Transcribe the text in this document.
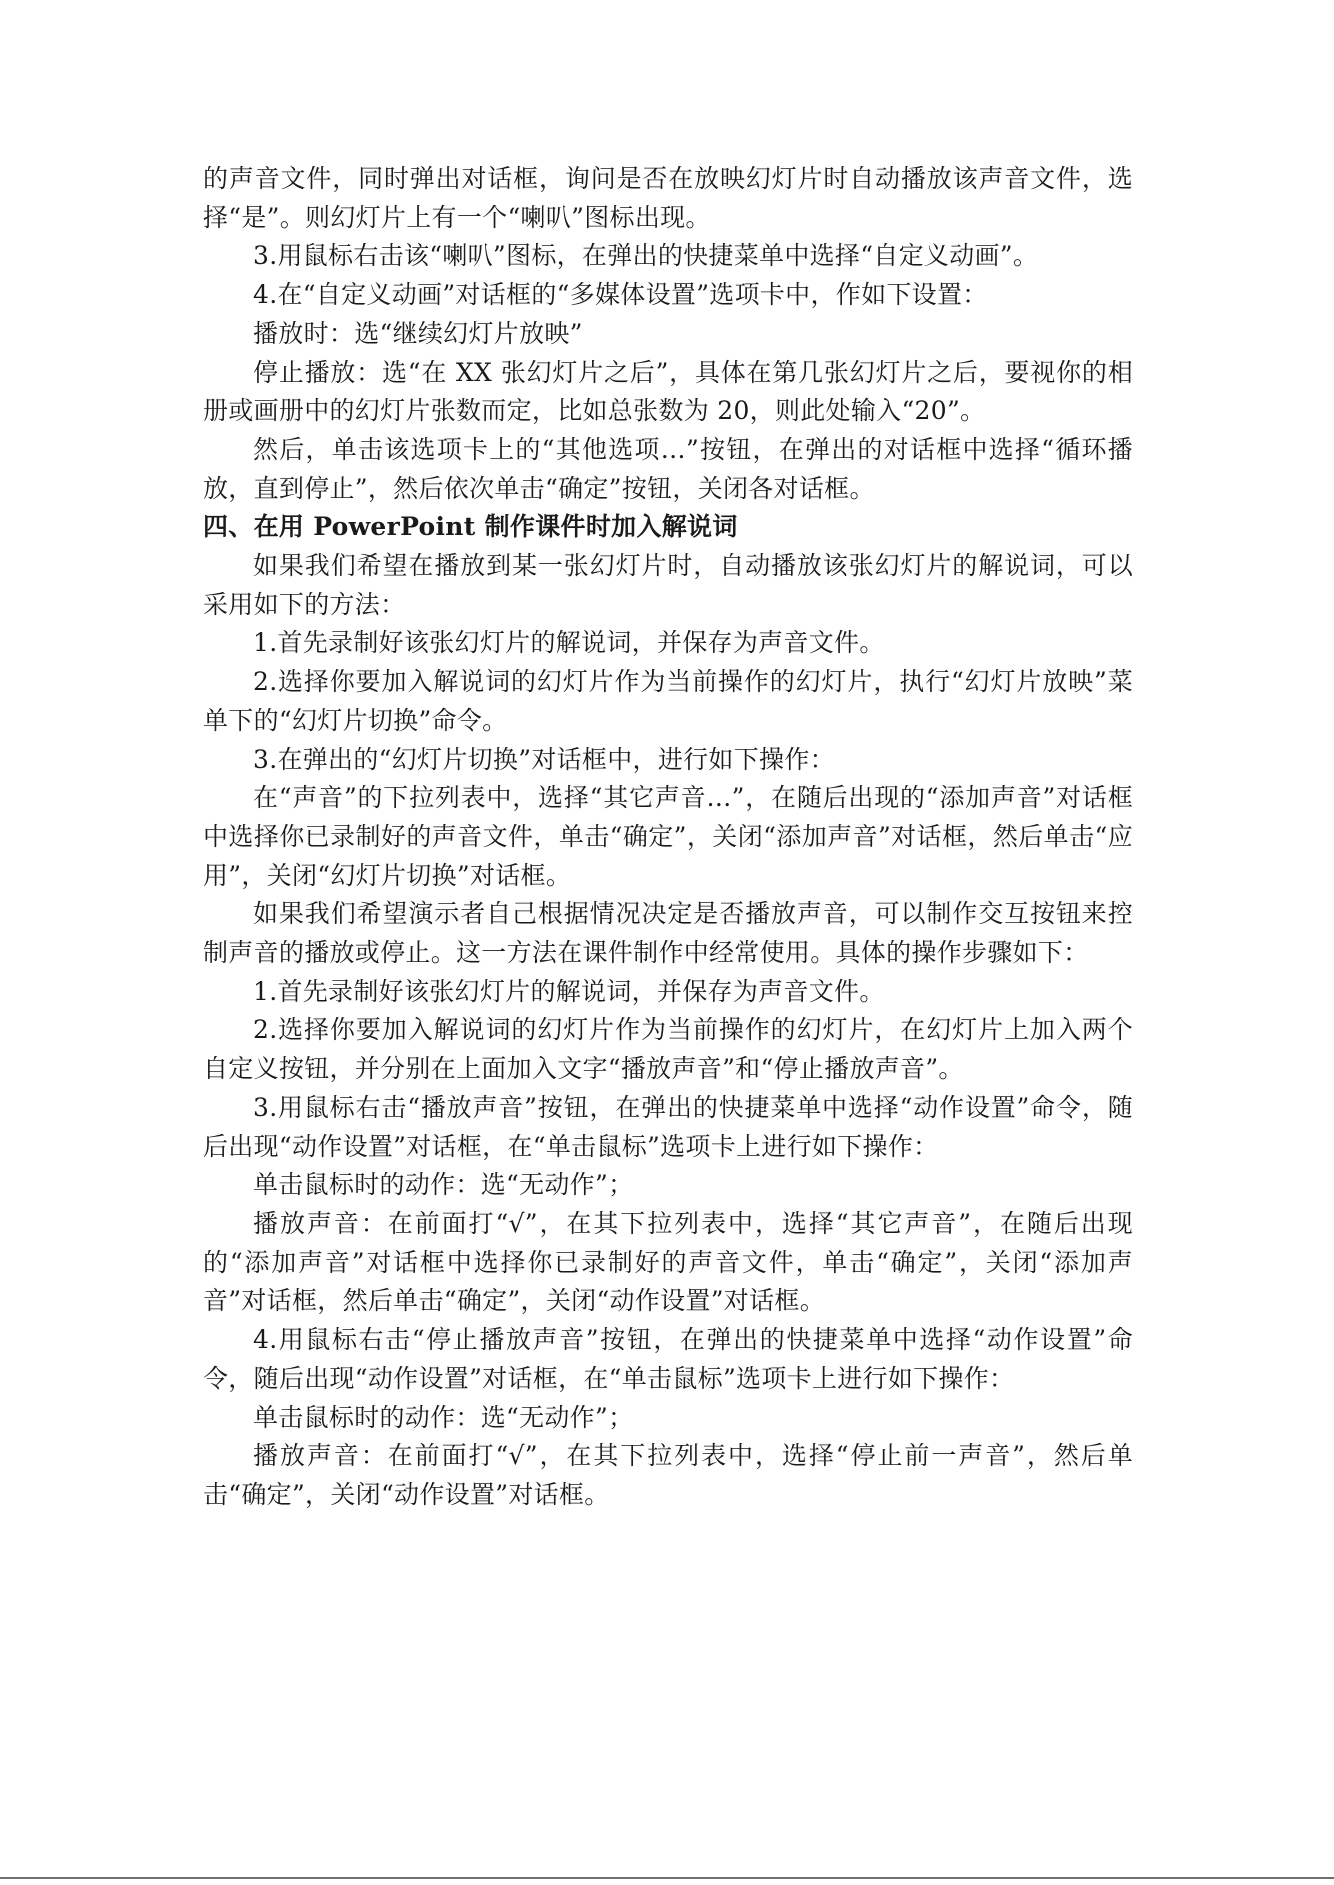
的声音文件，同时弹出对话框，询问是否在放映幻灯片时自动播放该声音文件，选择“是”。则幻灯片上有一个“喇叭”图标出现。

3.用鼠标右击该“喇叭”图标，在弹出的快捷菜单中选择“自定义动画”。

4.在“自定义动画”对话框的“多媒体设置”选项卡中，作如下设置：

播放时：选“继续幻灯片放映”

停止播放：选“在 XX 张幻灯片之后”，具体在第几张幻灯片之后，要视你的相册或画册中的幻灯片张数而定，比如总张数为 20，则此处输入“20”。

然后，单击该选项卡上的“其他选项…”按钮，在弹出的对话框中选择“循环播放，直到停止”，然后依次单击“确定”按钮，关闭各对话框。

四、在用 PowerPoint 制作课件时加入解说词

如果我们希望在播放到某一张幻灯片时，自动播放该张幻灯片的解说词，可以采用如下的方法：

1.首先录制好该张幻灯片的解说词，并保存为声音文件。

2.选择你要加入解说词的幻灯片作为当前操作的幻灯片，执行“幻灯片放映”菜单下的“幻灯片切换”命令。

3.在弹出的“幻灯片切换”对话框中，进行如下操作：

在“声音”的下拉列表中，选择“其它声音…”，在随后出现的“添加声音”对话框中选择你已录制好的声音文件，单击“确定”，关闭“添加声音”对话框，然后单击“应用”，关闭“幻灯片切换”对话框。

如果我们希望演示者自己根据情况决定是否播放声音，可以制作交互按钮来控制声音的播放或停止。这一方法在课件制作中经常使用。具体的操作步骤如下：

1.首先录制好该张幻灯片的解说词，并保存为声音文件。

2.选择你要加入解说词的幻灯片作为当前操作的幻灯片，在幻灯片上加入两个自定义按钮，并分别在上面加入文字“播放声音”和“停止播放声音”。

3.用鼠标右击“播放声音”按钮，在弹出的快捷菜单中选择“动作设置”命令，随后出现“动作设置”对话框，在“单击鼠标”选项卡上进行如下操作：

单击鼠标时的动作：选“无动作”；

播放声音：在前面打“√”，在其下拉列表中，选择“其它声音”，在随后出现的“添加声音”对话框中选择你已录制好的声音文件，单击“确定”，关闭“添加声音”对话框，然后单击“确定”，关闭“动作设置”对话框。

4.用鼠标右击“停止播放声音”按钮，在弹出的快捷菜单中选择“动作设置”命令，随后出现“动作设置”对话框，在“单击鼠标”选项卡上进行如下操作：

单击鼠标时的动作：选“无动作”；

播放声音：在前面打“√”，在其下拉列表中，选择“停止前一声音”，然后单击“确定”，关闭“动作设置”对话框。
